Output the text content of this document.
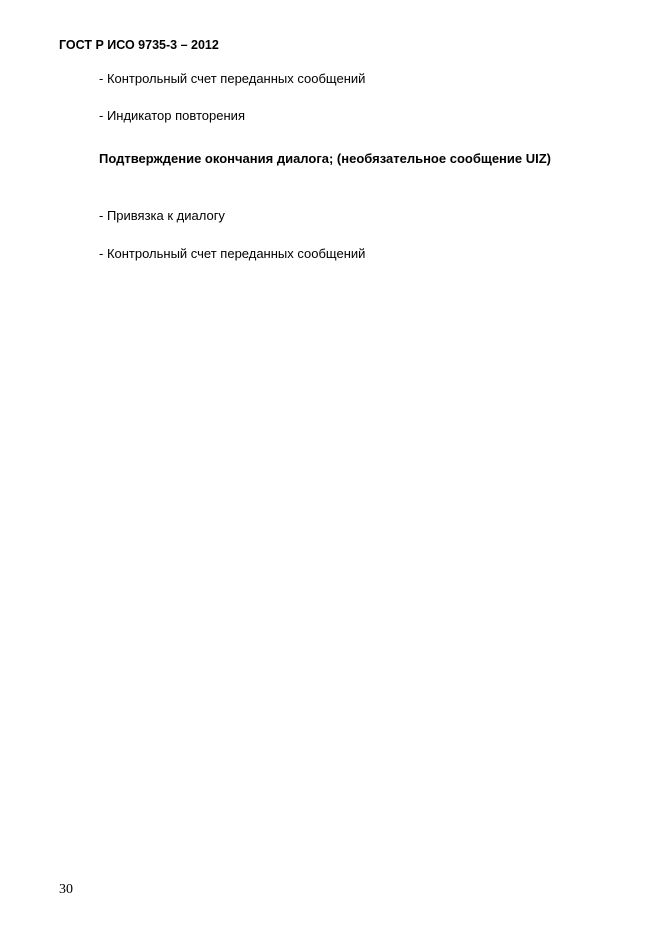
ГОСТ Р ИСО 9735-3 – 2012
- Контрольный счет переданных сообщений
- Индикатор повторения

Подтверждение окончания диалога; (необязательное сообщение UIZ)

- Привязка к диалогу
- Контрольный счет переданных сообщений
30
